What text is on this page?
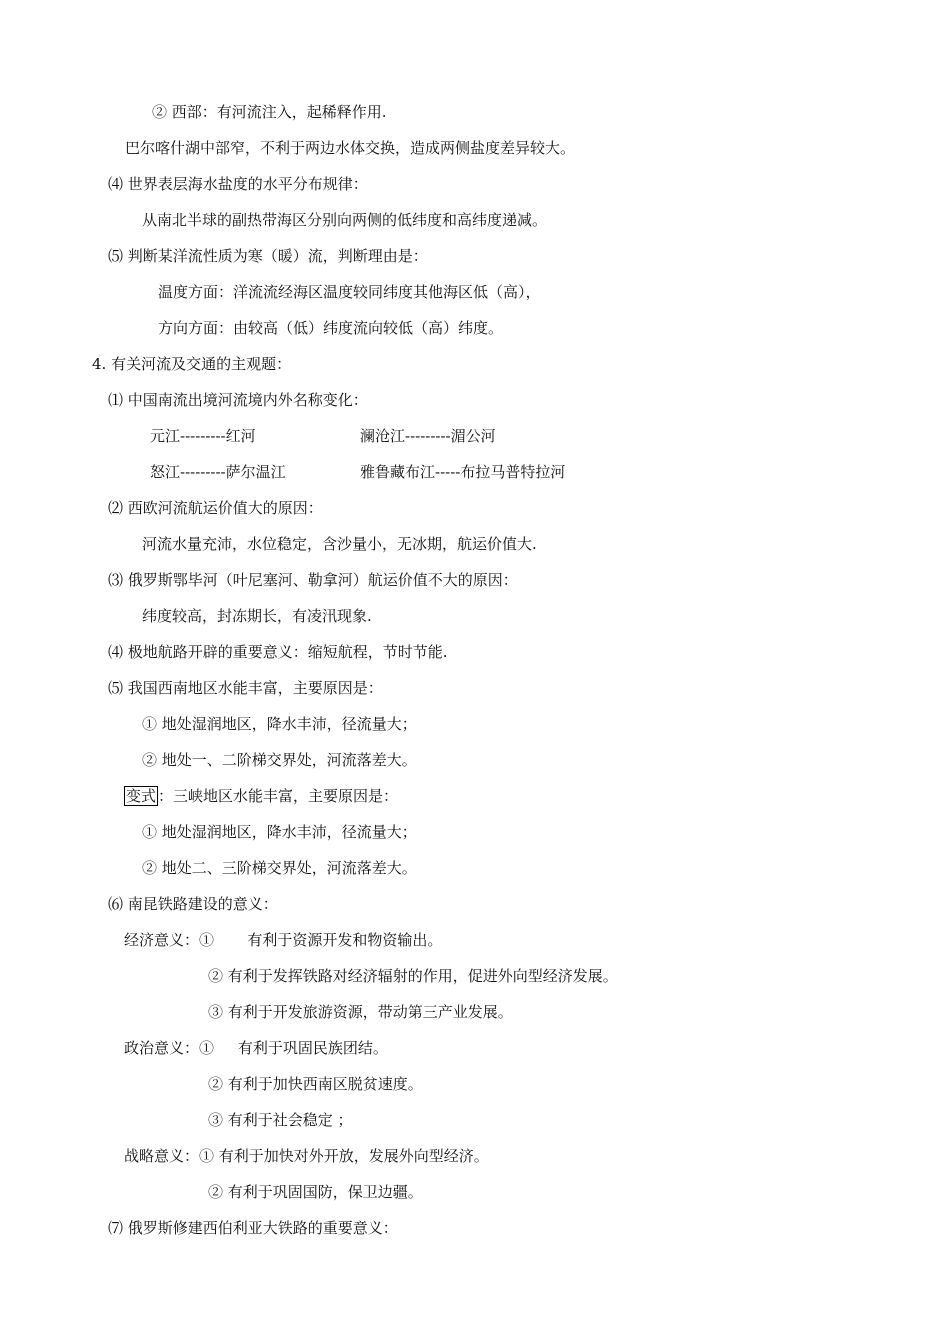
② 西部：有河流注入，起稀释作用.
巴尔喀什湖中部窄，不利于两边水体交换，造成两侧盐度差异较大。
⑷ 世界表层海水盐度的水平分布规律：
从南北半球的副热带海区分别向两侧的低纬度和高纬度递减。
⑸ 判断某洋流性质为寒（暖）流，判断理由是：
温度方面：洋流流经海区温度较同纬度其他海区低（高），
方向方面：由较高（低）纬度流向较低（高）纬度。
4. 有关河流及交通的主观题：
⑴ 中国南流出境河流境内外名称变化：
元江---------红河	澜沧江---------湄公河
怒江---------萨尔温江	雅鲁藏布江-----布拉马普特拉河
⑵ 西欧河流航运价值大的原因：
河流水量充沛，水位稳定，含沙量小，无冰期，航运价值大.
⑶ 俄罗斯鄂毕河（叶尼塞河、勒拿河）航运价值不大的原因：
纬度较高，封冻期长，有凌汛现象.
⑷ 极地航路开辟的重要意义：缩短航程，节时节能.
⑸ 我国西南地区水能丰富，主要原因是：
① 地处湿润地区，降水丰沛，径流量大；
② 地处一、二阶梯交界处，河流落差大。
变式 ：三峡地区水能丰富，主要原因是：
① 地处湿润地区，降水丰沛，径流量大；
② 地处二、三阶梯交界处，河流落差大。
⑹ 南昆铁路建设的意义：
经济意义：①       有利于资源开发和物资输出。
② 有利于发挥铁路对经济辐射的作用，促进外向型经济发展。
③ 有利于开发旅游资源，带动第三产业发展。
政治意义：①     有利于巩固民族团结。
② 有利于加快西南区脱贫速度。
③ 有利于社会稳定 ；
战略意义：① 有利于加快对外开放，发展外向型经济。
② 有利于巩固国防，保卫边疆。
⑺ 俄罗斯修建西伯利亚大铁路的重要意义：
